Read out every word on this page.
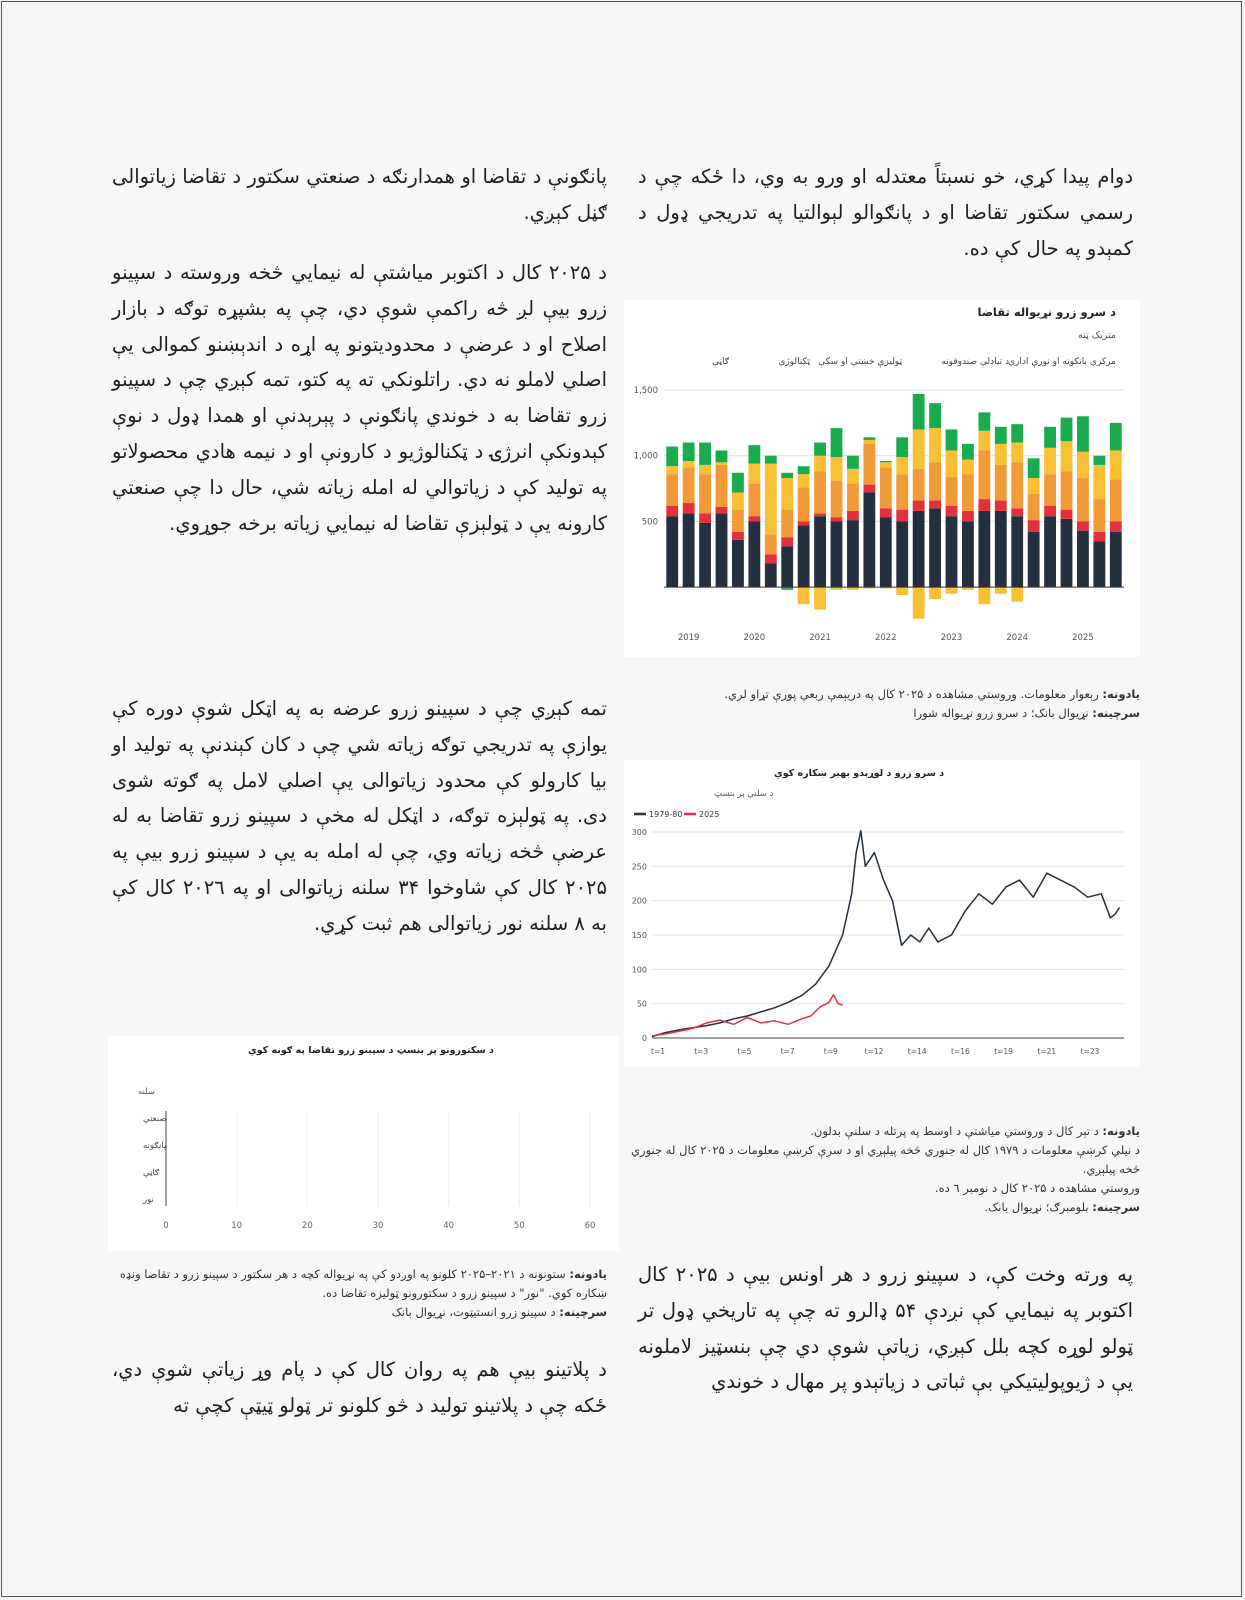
دوام پيدا کړي، خو نسبتاً معتدله او ورو به وي، دا ځکه چې د رسمي سکتور تقاضا او د پانګوالو لېوالتيا په تدريجي ډول د کمېدو په حال کې ده.

د سرو زرو نړيواله تقاضا
متريک ټنه
مرکزي بانکونه او نورې اداري
د تبادلې صندوقونه
ټوليزې خښتې او سکې
ټکنالوژي
ګاڼې
1,500
1,000
500
2019	2020	2021	2022	2023	2024	2025
يادونه: رېعوار معلومات. وروستي مشاهده د ۲۰۲۵ کال په دريېمې ربعې پورې تړاو لري.
سرچينه: نړيوال بانک؛ د سرو زرو نړيواله شورا
د سرو زرو د لوړېدو بهير ښکاره کوي
د سلنې پر بنسټ
1979-80 2025
0
50
100
150
200
250
300
t=1	t=3	t=5	t=7	t=9	t=12	t=14	t=16	t=19	t=21	t=23
يادونه: د تېر کال د وروستي مياشتې د اوسط په پرتله د سلنې بدلون.
د نيلي کرښې معلومات د ۱۹۷۹ کال له جنوري څخه پيلېږي او د سرې کرښې معلومات د ۲۰۲۵ کال له جنوري څخه پيلېږي.
وروستي مشاهده د ۲۰۲۵ کال د نومبر ٦ ده.
سرچينه: بلومبرګ؛ نړيوال بانک.

په ورته وخت کې، د سپينو زرو د هر اونس بيې د ۲۰۲۵ کال اکتوبر په نيمايي کې نږدې ۵۴ ډالرو ته چې په تاريخي ډول تر ټولو لوړه کچه بلل کېږي، زياتې شوې دي چې بنسټيز لاملونه يې د ژيوپوليتيکي بې ثباتی د زياتېدو پر مهال د خوندي

پانګونې د تقاضا او همدارنګه د صنعتي سکتور د تقاضا زياتوالی ګڼل کېږي.

د ۲۰۲۵ کال د اکتوبر مياشتې له نيمايي څخه وروسته د سپينو زرو بيې لږ څه راکمې شوې دي، چې په بشپړه توګه د بازار اصلاح او د عرضې د محدوديتونو په اړه د اندېښنو کموالی يې اصلي لاملو نه دي. راتلونکي ته په کتو، تمه کېږي چې د سپينو زرو تقاضا به د خوندي پانګونې د پېرېدنې او همدا ډول د نوې کېدونکې انرژۍ د ټکنالوژيو د کارونې او د نيمه هادي محصولاتو په توليد کې د زياتوالي له امله زياته شي، حال دا چې صنعتي کارونه يې د ټولېزې تقاضا له نيمايي زياته برخه جوړوي.

تمه کېږي چې د سپينو زرو عرضه به په اټکل شوې دوره کې يوازې په تدريجي توګه زياته شي چې د کان کېندنې په توليد او بيا کارولو کې محدود زياتوالی يې اصلي لامل په ګوته شوی دی. په ټولېزه توګه، د اټکل له مخې د سپينو زرو تقاضا به له عرضې څخه زياته وي، چې له امله به يې د سپينو زرو بيې په ۲۰۲۵ کال کې شاوخوا ۳۴ سلنه زياتوالی او په ۲۰۲٦ کال کې به ۸ سلنه نور زياتوالی هم ثبت کړي.

د سکتورونو پر بنسټ د سپينو زرو تقاضا په ګونه کوي
سلنه
0	10	20	30	40	50	60
صنعتي
پانګونه
ګاڼې
نور
يادونه: ستونونه د ۲۰۲۱–۲۰۲۵ کلونو په اوږدو کې په نړيواله کچه د هر سکتور د سپينو زرو د تقاضا ونډه ښکاره کوي. "نور" د سپينو زرو د سکتورونو ټوليزه تقاضا ده.
سرچينه: د سپينو زرو انستيټوت، نړيوال بانک

د پلاتينو بيې هم په روان کال کې د پام وړ زياتې شوې دي، ځکه چې د پلاتينو توليد د څو کلونو تر ټولو ټيټې کچې ته
